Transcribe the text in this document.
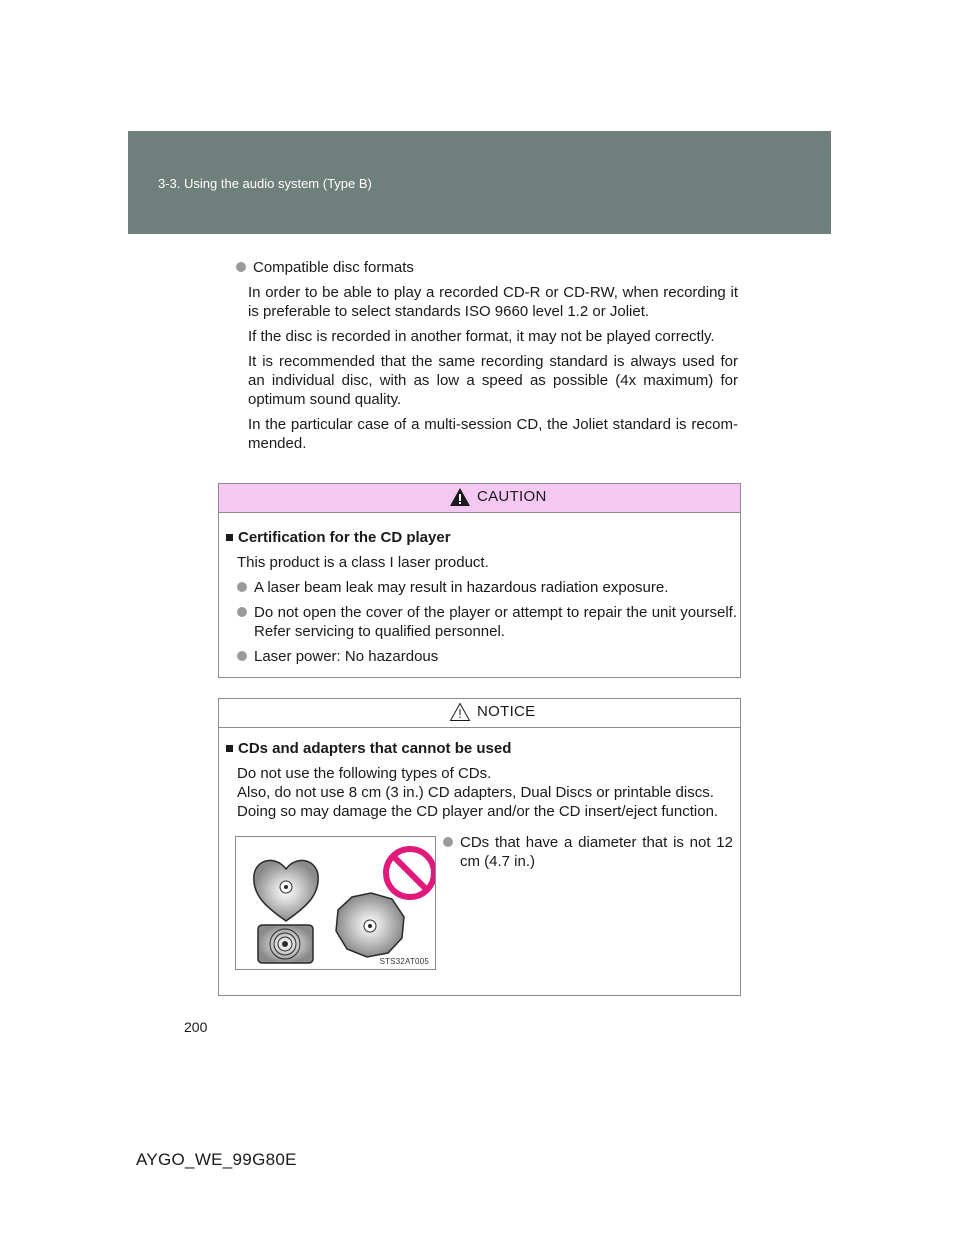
3-3. Using the audio system (Type B)
Compatible disc formats

In order to be able to play a recorded CD-R or CD-RW, when recording it is preferable to select standards ISO 9660 level 1.2 or Joliet.

If the disc is recorded in another format, it may not be played correctly.

It is recommended that the same recording standard is always used for an individual disc, with as low a speed as possible (4x maximum) for optimum sound quality.

In the particular case of a multi-session CD, the Joliet standard is recom-mended.

CAUTION
Certification for the CD player
This product is a class I laser product.
A laser beam leak may result in hazardous radiation exposure.
Do not open the cover of the player or attempt to repair the unit yourself. Refer servicing to qualified personnel.
Laser power: No hazardous
NOTICE
CDs and adapters that cannot be used
Do not use the following types of CDs.
Also, do not use 8 cm (3 in.) CD adapters, Dual Discs or printable discs.
Doing so may damage the CD player and/or the CD insert/eject function.
CDs that have a diameter that is not 12 cm (4.7 in.)
STS32AT005
200
AYGO_WE_99G80E
